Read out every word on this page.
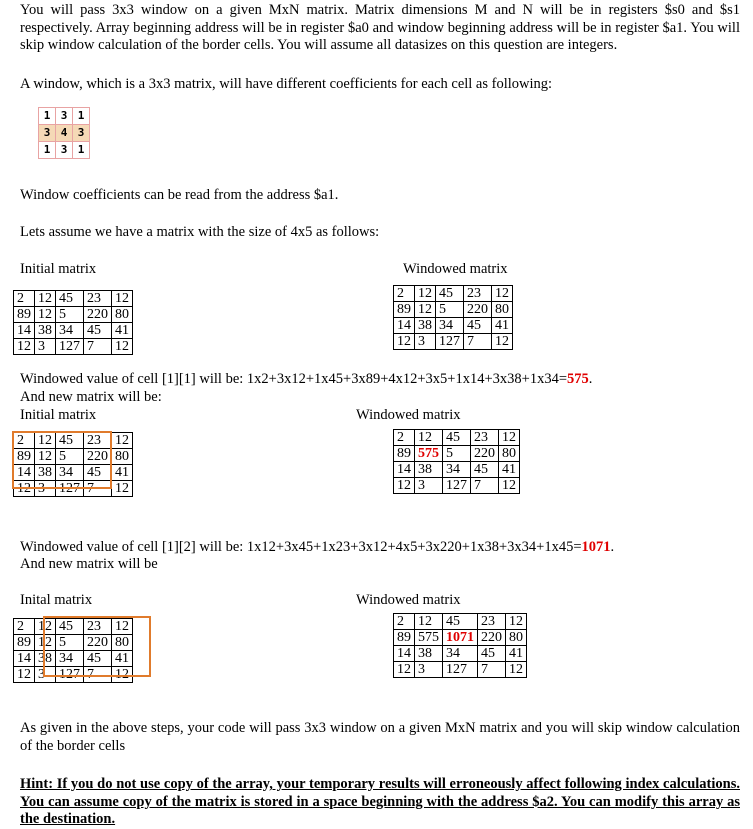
You will pass 3x3 window on a given MxN matrix. Matrix dimensions M and N will be in registers $s0 and $s1 respectively. Array beginning address will be in register $a0 and window beginning address will be in register $a1. You will skip window calculation of the border cells. You will assume all datasizes on this question are integers.
A window, which is a 3x3 matrix, will have different coefficients for each cell as following:
1	3	1
3	4	3
1	3	1
Window coefficients can be read from the address $a1.
Lets assume we have a matrix with the size of 4x5 as follows:
Initial matrix	Windowed matrix
2	12	45	23	12
89	12	5	220	80
14	38	34	45	41
12	3	127	7	12
2	12	45	23	12
89	12	5	220	80
14	38	34	45	41
12	3	127	7	12
Windowed value of cell [1][1] will be: 1x2+3x12+1x45+3x89+4x12+3x5+1x14+3x38+1x34=575.
And new matrix will be:
Initial matrix	Windowed matrix
2	12	45	23	12
89	12	5	220	80
14	38	34	45	41
12	3	127	7	12
2	12	45	23	12
89	575	5	220	80
14	38	34	45	41
12	3	127	7	12
Windowed value of cell [1][2] will be: 1x12+3x45+1x23+3x12+4x5+3x220+1x38+3x34+1x45=1071.
And new matrix will be
Inital matrix	Windowed matrix
2	12	45	23	12
89	12	5	220	80
14	38	34	45	41
12	3	127	7	12
2	12	45	23	12
89	575	1071	220	80
14	38	34	45	41
12	3	127	7	12
As given in the above steps, your code will pass 3x3 window on a given MxN matrix and you will skip window calculation of the border cells
Hint: If you do not use copy of the array, your temporary results will erroneously affect following index calculations. You can assume copy of the matrix is stored in a space beginning with the address $a2. You can modify this array as the destination.
